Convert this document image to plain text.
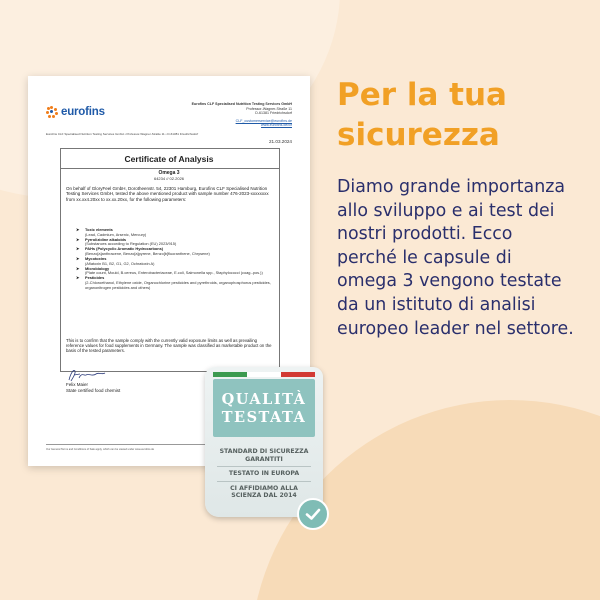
eurofins
Eurofins CLF Specialised Nutrition Testing Services GmbH
Professor-Wagner-Straße 11
D-61381 Friedrichsdorf
CLF_customerservice@eurofins.de
www.eurofins.de/clf
Eurofins CLF Specialised Nutrition Testing Services GmbH • Professor-Wagner-Straße 11 • D-61381 Friedrichsdorf
21.03.2024
Certificate of Analysis
Omega 3
64234 // 02.2026
On behalf of GloryFeel GmbH, Dorotheenstr. 54, 22301 Hamburg, Eurofins CLF Specialised Nutrition Testing Services GmbH, tested the above mentioned product with sample number 476-2023-xxxxxxxx from xx.xx4.20xx to xx.xx.20xx, for the following parameters:
➤	Toxic elements
(Lead, Cadmium, Arsenic, Mercury)
➤	Pyrrolizidine alkaloids
(Substances according to Regulation (EU) 2023/915)
➤	PAHs (Polycyclic Aromatic Hydrocarbons)
(Benzo[a]anthracene, Benzo[a]pyrene, Benzo[b]fluoranthene, Chrysene)
➤	Mycotoxins
(Aflatoxin B1, B2, G1, G2, Ochratoxin A)
➤	Microbiology
(Plate count, Mould, B.cereus, Enterobacteriaceae, E.coli, Salmonella spp., Staphylococci (coag.-pos.))
➤	Pesticides
(2-Chloroethanol, Ethylene oxide, Organochlorine pesticides and pyrethroids, organophosphorus pesticides, organonitrogen pesticides and others)
This is to confirm that the sample comply with the currently valid exposure limits as well as prevailing reference values for food supplements in Germany. The sample was classified as marketable product on the basis of the tested parameters.
Felix Maier
State certified food chemist
Our General Terms and Conditions of Sale apply, which can be viewed under www.eurofins.de
Per la tua sicurezza
Diamo grande importanza allo sviluppo e ai test dei nostri prodotti. Ecco perché le capsule di omega 3 vengono testate da un istituto di analisi europeo leader nel settore.
QUALITÀ
TESTATA
STANDARD DI SICUREZZA GARANTITI
TESTATO IN EUROPA
CI AFFIDIAMO ALLA SCIENZA DAL 2014
